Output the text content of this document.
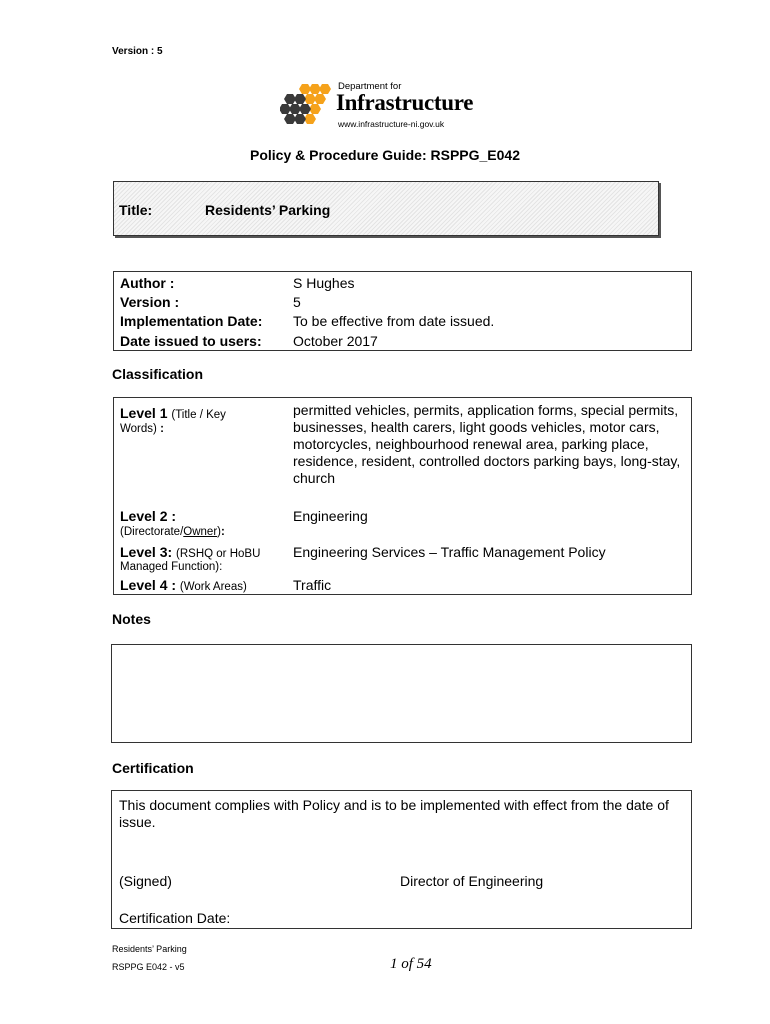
Version : 5
Department for
Infrastructure
www.infrastructure-ni.gov.uk
Policy & Procedure Guide: RSPPG_E042
Title:	Residents’ Parking
Author :	S Hughes
Version :	5
Implementation Date: To be effective from date issued.
Date issued to users: October 2017
Classification
Level 1 (Title / Key
Words) :
permitted vehicles, permits, application forms, special permits, businesses, health carers, light goods vehicles, motor cars, motorcycles, neighbourhood renewal area, parking place, residence, resident, controlled doctors parking bays, long-stay, church
Level 2 :
(Directorate/Owner):
Engineering
Level 3: (RSHQ or HoBU
Managed Function):
Engineering Services – Traffic Management Policy
Level 4 : (Work Areas)	Traffic
Notes
Certification
This document complies with Policy and is to be implemented with effect from the date of issue.
(Signed)	Director of Engineering
Certification Date:
Residents’ Parking
RSPPG E042 - v5	1 of 54
